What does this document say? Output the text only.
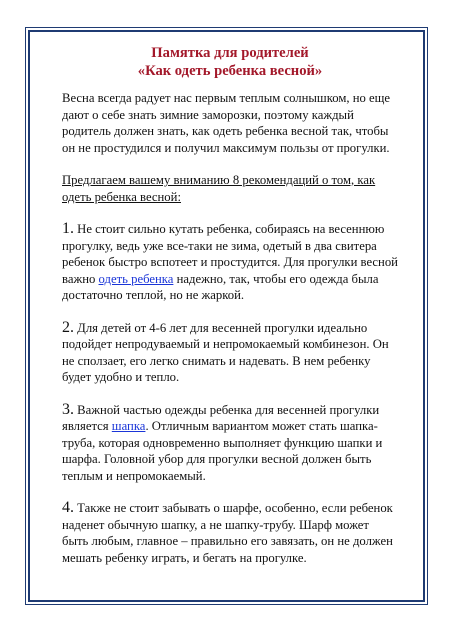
Памятка для родителей
«Как одеть ребенка весной»
Весна всегда радует нас первым теплым солнышком, но еще дают о себе знать зимние заморозки, поэтому каждый родитель должен знать, как одеть ребенка весной так, чтобы он не простудился и получил максимум пользы от прогулки.
Предлагаем вашему вниманию 8 рекомендаций о том, как одеть ребенка весной:
1. Не стоит сильно кутать ребенка, собираясь на весеннюю прогулку, ведь уже все-таки не зима, одетый в два свитера ребенок быстро вспотеет и простудится. Для прогулки весной важно одеть ребенка надежно, так, чтобы его одежда была достаточно теплой, но не жаркой.
2. Для детей от 4-6 лет для весенней прогулки идеально подойдет непродуваемый и непромокаемый комбинезон. Он не сползает, его легко снимать и надевать. В нем ребенку будет удобно и тепло.
3. Важной частью одежды ребенка для весенней прогулки является шапка. Отличным вариантом может стать шапка-труба, которая одновременно выполняет функцию шапки и шарфа. Головной убор для прогулки весной должен быть теплым и непромокаемый.
4. Также не стоит забывать о шарфе, особенно, если ребенок наденет обычную шапку, а не шапку-трубу. Шарф может быть любым, главное – правильно его завязать, он не должен мешать ребенку играть, и бегать на прогулке.
